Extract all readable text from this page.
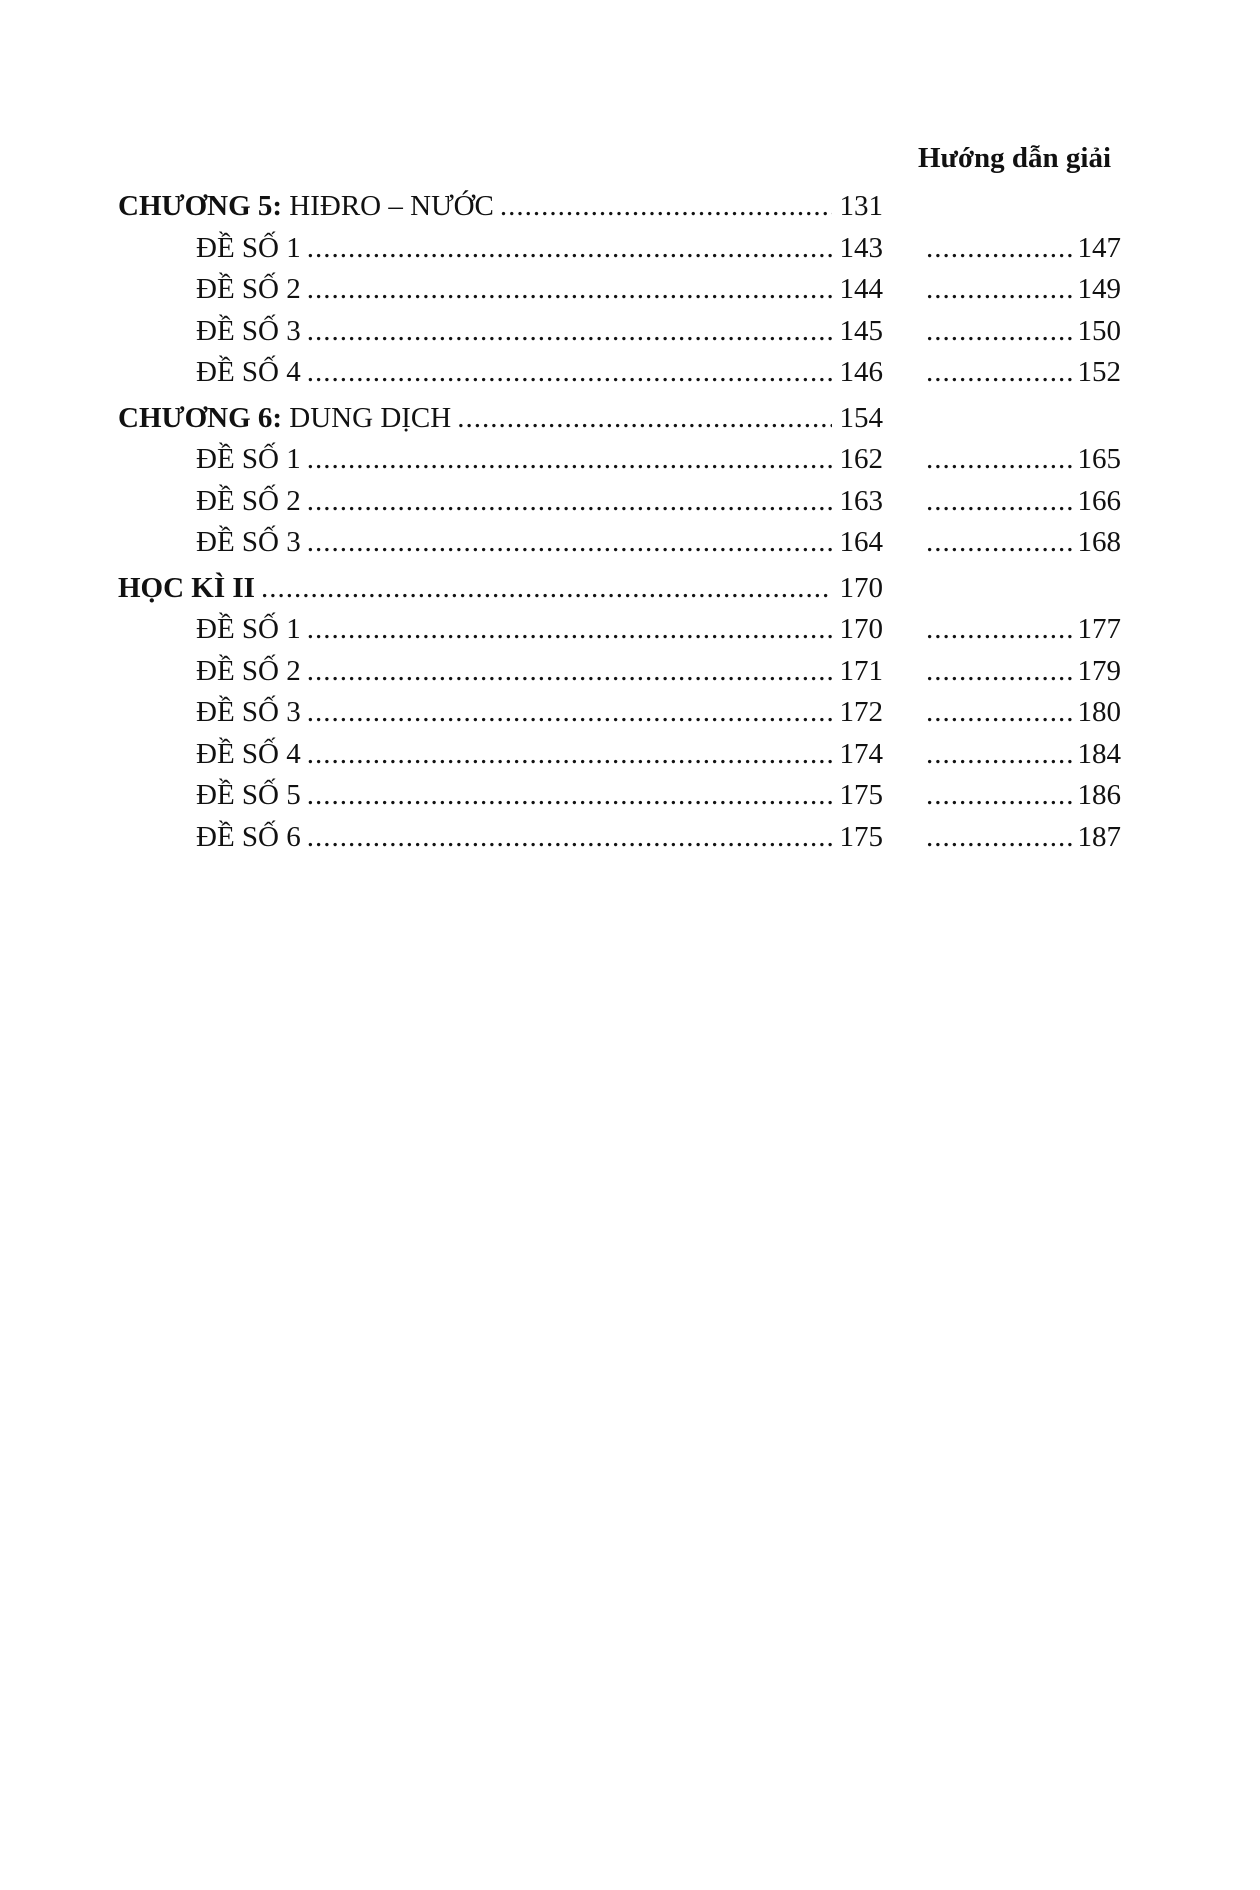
Hướng dẫn giải
CHƯƠNG 5: HIĐRO – NƯỚC .....	131
ĐỀ SỐ 1 .....	143 .....	147
ĐỀ SỐ 2 .....	144 .....	149
ĐỀ SỐ 3 .....	145 .....	150
ĐỀ SỐ 4 .....	146 .....	152
CHƯƠNG 6: DUNG DỊCH .....	154
ĐỀ SỐ 1 .....	162 .....	165
ĐỀ SỐ 2 .....	163 .....	166
ĐỀ SỐ 3 .....	164 .....	168
HỌC KÌ II .....	170
ĐỀ SỐ 1 .....	170 .....	177
ĐỀ SỐ 2 .....	171 .....	179
ĐỀ SỐ 3 .....	172 .....	180
ĐỀ SỐ 4 .....	174 .....	184
ĐỀ SỐ 5 .....	175 .....	186
ĐỀ SỐ 6 .....	175 .....	187
